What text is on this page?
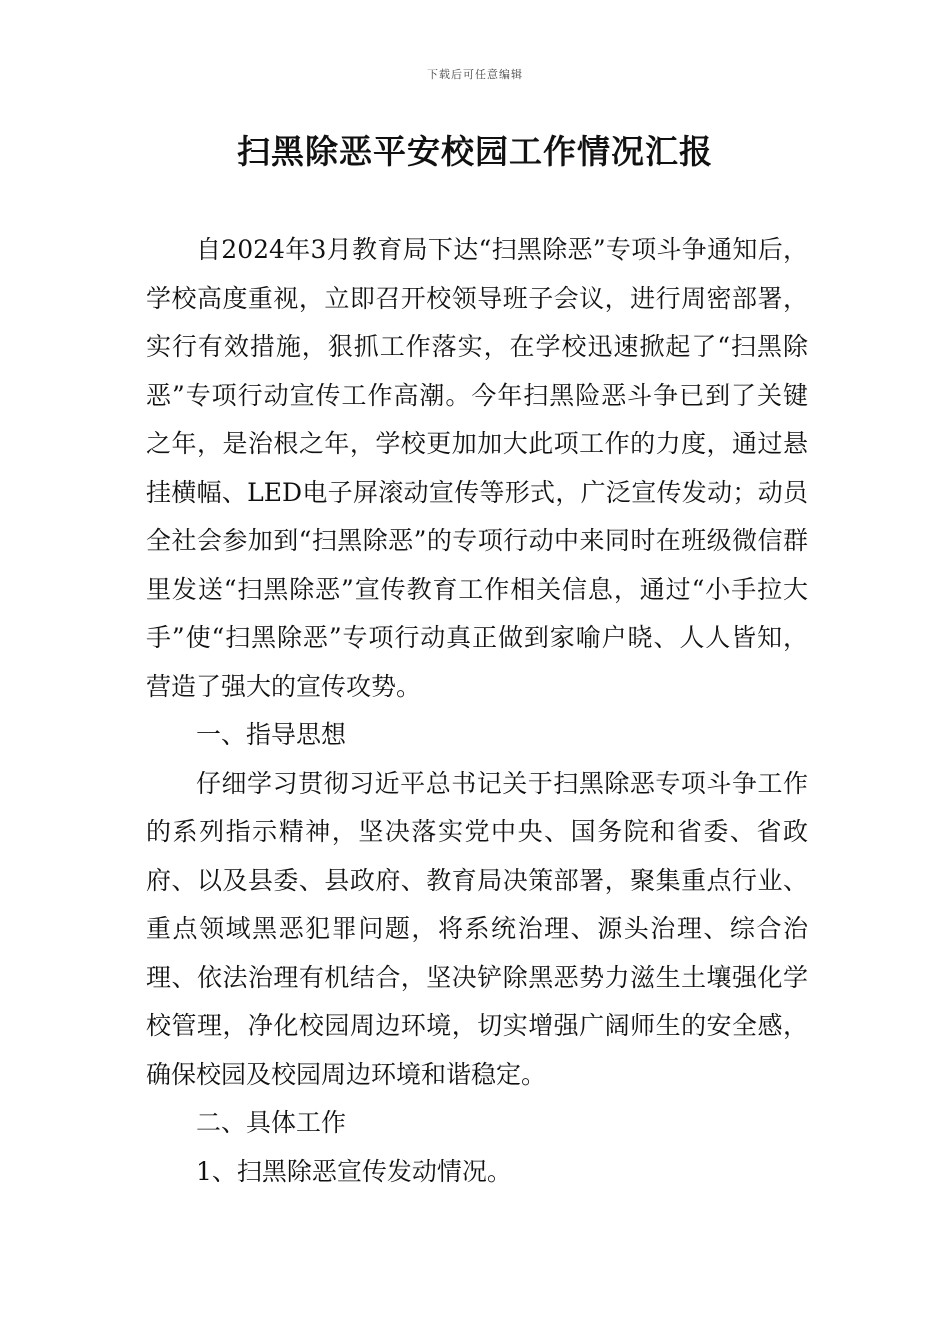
下载后可任意编辑
扫黑除恶平安校园工作情况汇报

自2024年3月教育局下达“扫黑除恶”专项斗争通知后，学校高度重视，立即召开校领导班子会议，进行周密部署，实行有效措施，狠抓工作落实，在学校迅速掀起了“扫黑除恶”专项行动宣传工作高潮。今年扫黑险恶斗争已到了关键之年，是治根之年，学校更加加大此项工作的力度，通过悬挂横幅、LED电子屏滚动宣传等形式，广泛宣传发动；动员全社会参加到“扫黑除恶”的专项行动中来同时在班级微信群里发送“扫黑除恶”宣传教育工作相关信息，通过“小手拉大手”使“扫黑除恶”专项行动真正做到家喻户晓、人人皆知，营造了强大的宣传攻势。

一、指导思想

仔细学习贯彻习近平总书记关于扫黑除恶专项斗争工作的系列指示精神，坚决落实党中央、国务院和省委、省政府、以及县委、县政府、教育局决策部署，聚集重点行业、重点领域黑恶犯罪问题，将系统治理、源头治理、综合治理、依法治理有机结合，坚决铲除黑恶势力滋生土壤强化学校管理，净化校园周边环境，切实增强广阔师生的安全感，确保校园及校园周边环境和谐稳定。

二、具体工作

1、扫黑除恶宣传发动情况。
